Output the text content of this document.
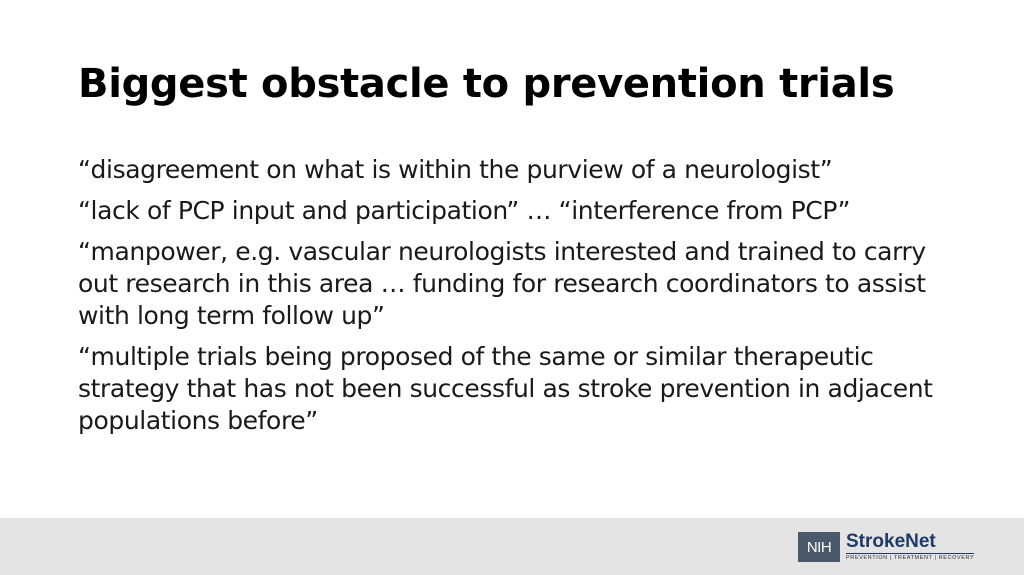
Biggest obstacle to prevention trials
“disagreement on what is within the purview of a neurologist”
“lack of PCP input and participation” … “interference from PCP”
“manpower, e.g. vascular neurologists interested and trained to carry out research in this area … funding for research coordinators to assist with long term follow up”
“multiple trials being proposed of the same or similar therapeutic strategy that has not been successful as stroke prevention in adjacent populations before”
NIH StrokeNet
PREVENTION | TREATMENT | RECOVERY
